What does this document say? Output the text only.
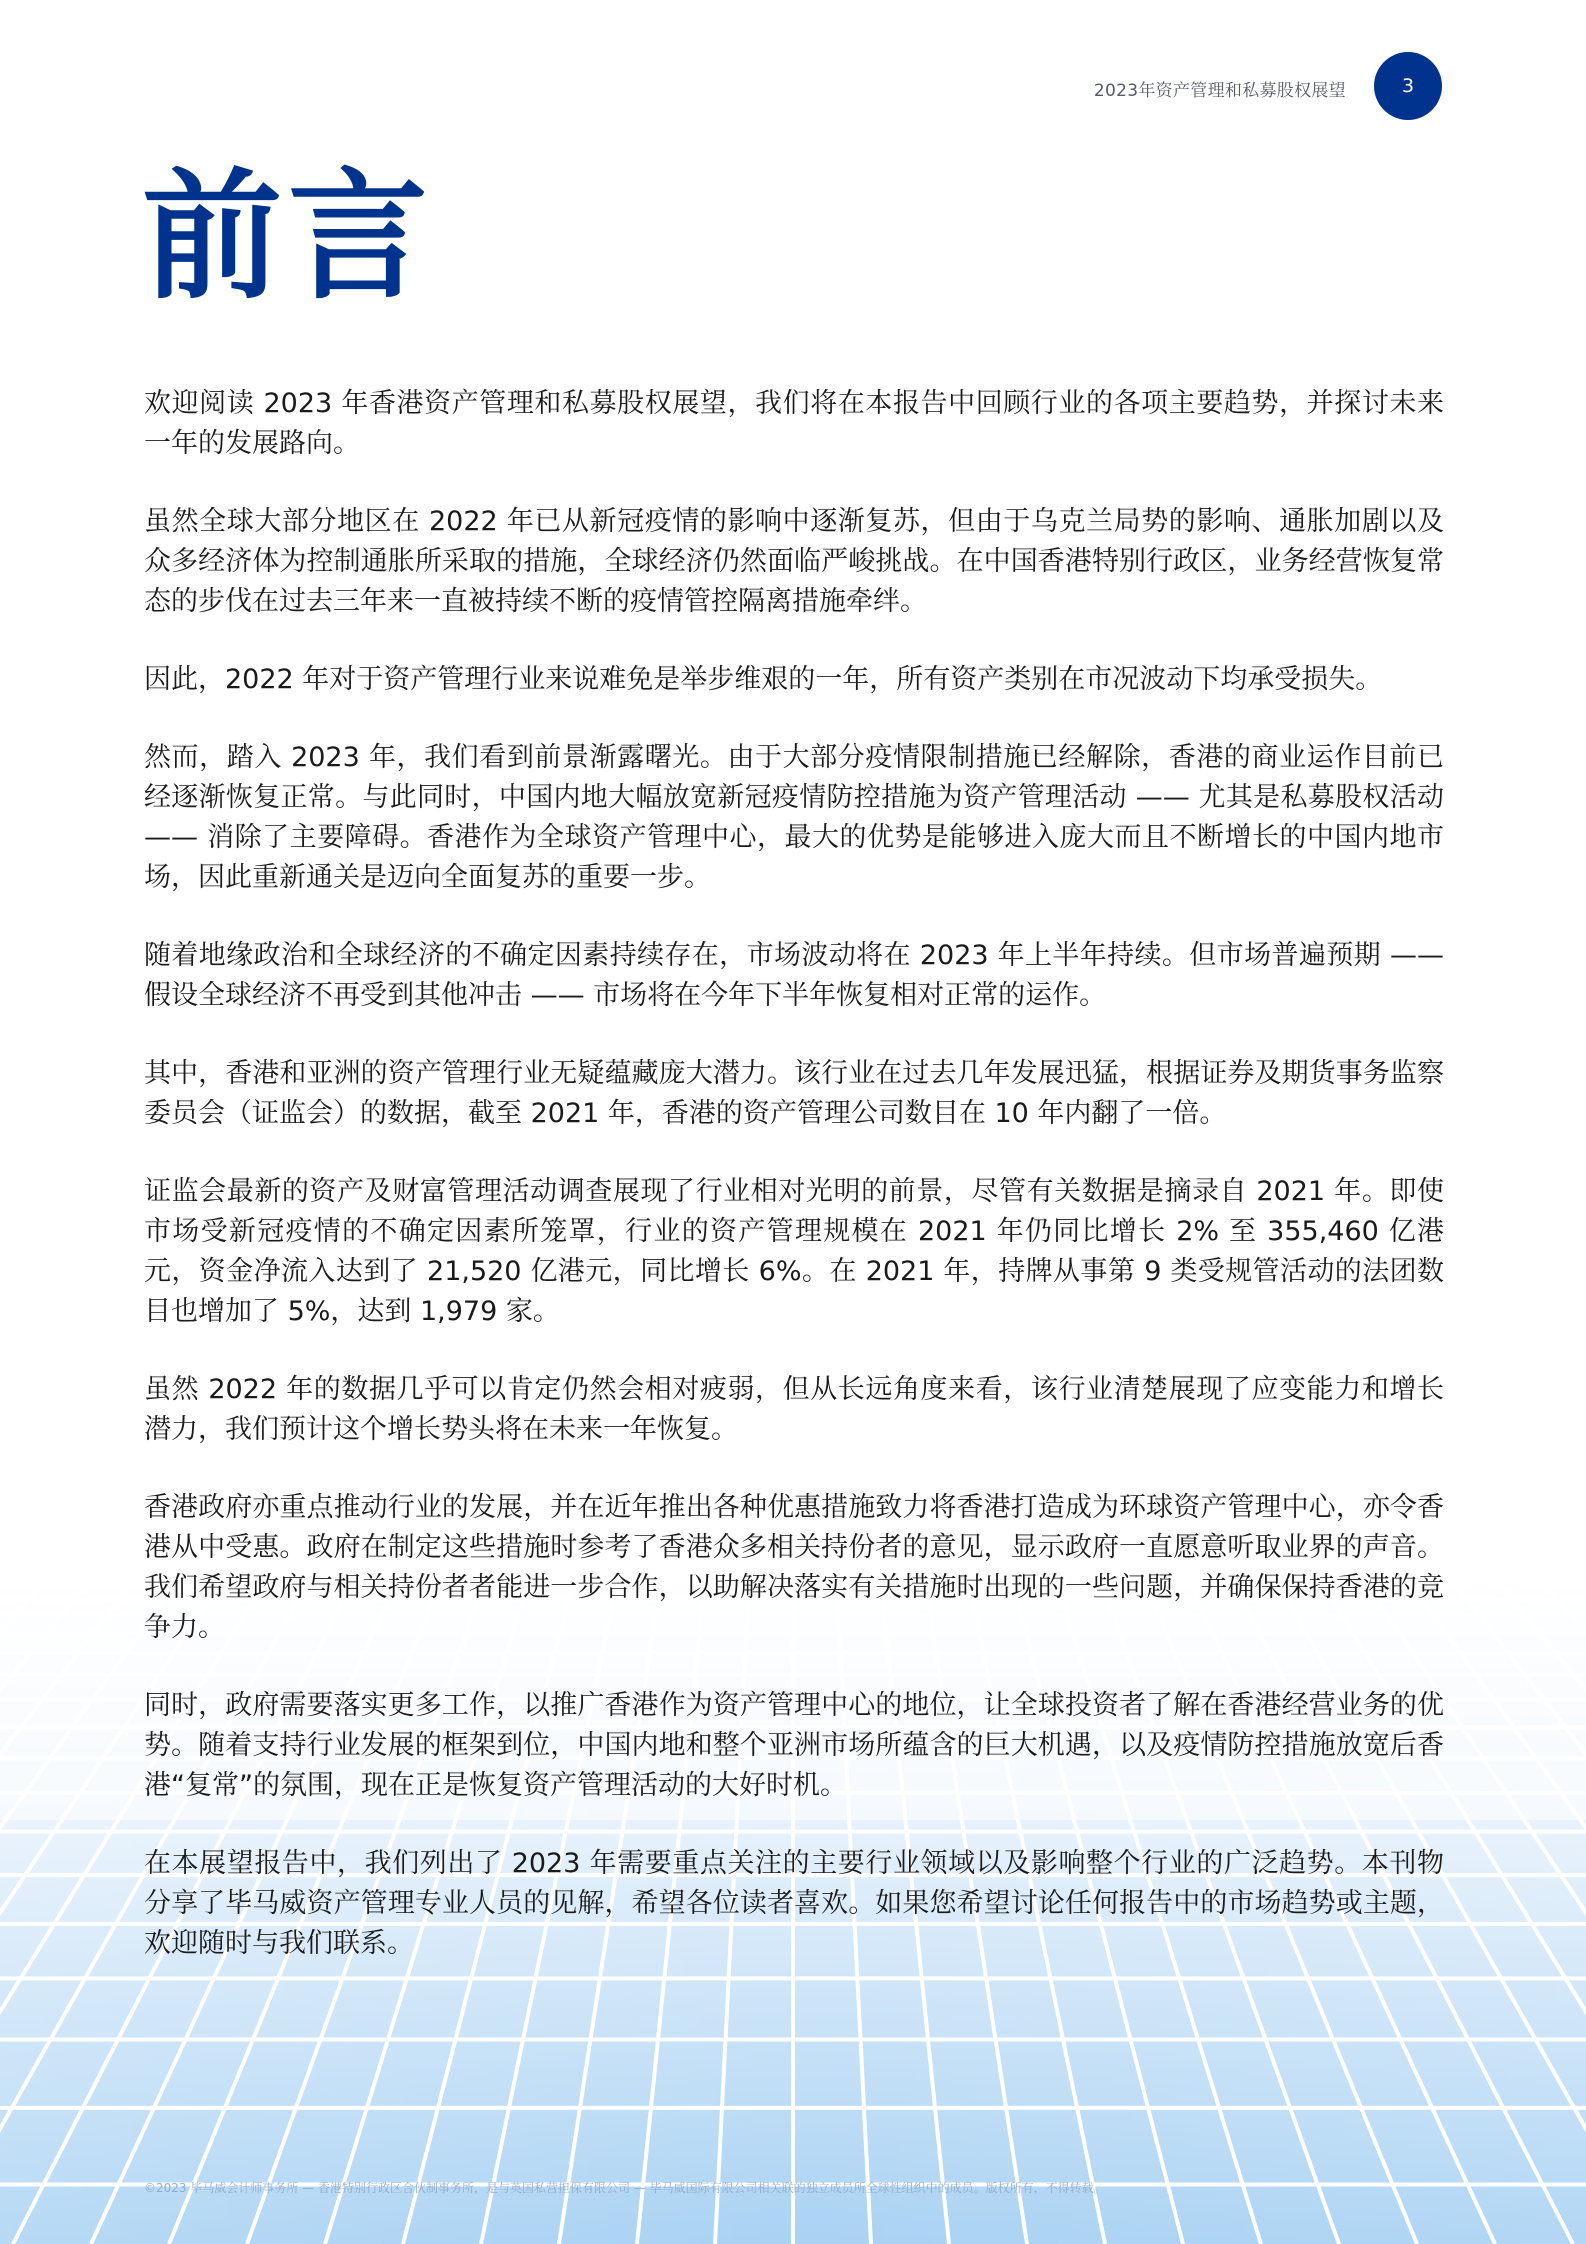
2023年资产管理和私募股权展望	3
前言

欢迎阅读 2023 年香港资产管理和私募股权展望，我们将在本报告中回顾行业的各项主要趋势，并探讨未来一年的发展路向。

虽然全球大部分地区在 2022 年已从新冠疫情的影响中逐渐复苏，但由于乌克兰局势的影响、通胀加剧以及众多经济体为控制通胀所采取的措施，全球经济仍然面临严峻挑战。在中国香港特别行政区，业务经营恢复常态的步伐在过去三年来一直被持续不断的疫情管控隔离措施牵绊。

因此，2022 年对于资产管理行业来说难免是举步维艰的一年，所有资产类别在市况波动下均承受损失。

然而，踏入 2023 年，我们看到前景渐露曙光。由于大部分疫情限制措施已经解除，香港的商业运作目前已经逐渐恢复正常。与此同时，中国内地大幅放宽新冠疫情防控措施为资产管理活动 —— 尤其是私募股权活动 —— 消除了主要障碍。香港作为全球资产管理中心，最大的优势是能够进入庞大而且不断增长的中国内地市场，因此重新通关是迈向全面复苏的重要一步。

随着地缘政治和全球经济的不确定因素持续存在，市场波动将在 2023 年上半年持续。但市场普遍预期 —— 假设全球经济不再受到其他冲击 —— 市场将在今年下半年恢复相对正常的运作。

其中，香港和亚洲的资产管理行业无疑蕴藏庞大潜力。该行业在过去几年发展迅猛，根据证券及期货事务监察委员会（证监会）的数据，截至 2021 年，香港的资产管理公司数目在 10 年内翻了一倍。

证监会最新的资产及财富管理活动调查展现了行业相对光明的前景，尽管有关数据是摘录自 2021 年。即使市场受新冠疫情的不确定因素所笼罩，行业的资产管理规模在 2021 年仍同比增长 2% 至 355,460 亿港元，资金净流入达到了 21,520 亿港元，同比增长 6%。在 2021 年，持牌从事第 9 类受规管活动的法团数目也增加了 5%，达到 1,979 家。

虽然 2022 年的数据几乎可以肯定仍然会相对疲弱，但从长远角度来看，该行业清楚展现了应变能力和增长潜力，我们预计这个增长势头将在未来一年恢复。

香港政府亦重点推动行业的发展，并在近年推出各种优惠措施致力将香港打造成为环球资产管理中心，亦令香港从中受惠。政府在制定这些措施时参考了香港众多相关持份者的意见，显示政府一直愿意听取业界的声音。我们希望政府与相关持份者者能进一步合作，以助解决落实有关措施时出现的一些问题，并确保保持香港的竞争力。

同时，政府需要落实更多工作，以推广香港作为资产管理中心的地位，让全球投资者了解在香港经营业务的优势。随着支持行业发展的框架到位，中国内地和整个亚洲市场所蕴含的巨大机遇，以及疫情防控措施放宽后香港“复常”的氛围，现在正是恢复资产管理活动的大好时机。

在本展望报告中，我们列出了 2023 年需要重点关注的主要行业领域以及影响整个行业的广泛趋势。本刊物分享了毕马威资产管理专业人员的见解，希望各位读者喜欢。如果您希望讨论任何报告中的市场趋势或主题，欢迎随时与我们联系。

©2023 毕马威会计师事务所 — 香港特别行政区合伙制事务所，是与英国私营担保有限公司 — 毕马威国际有限公司相关联的独立成员所全球性组织中的成员。版权所有，不得转载。
